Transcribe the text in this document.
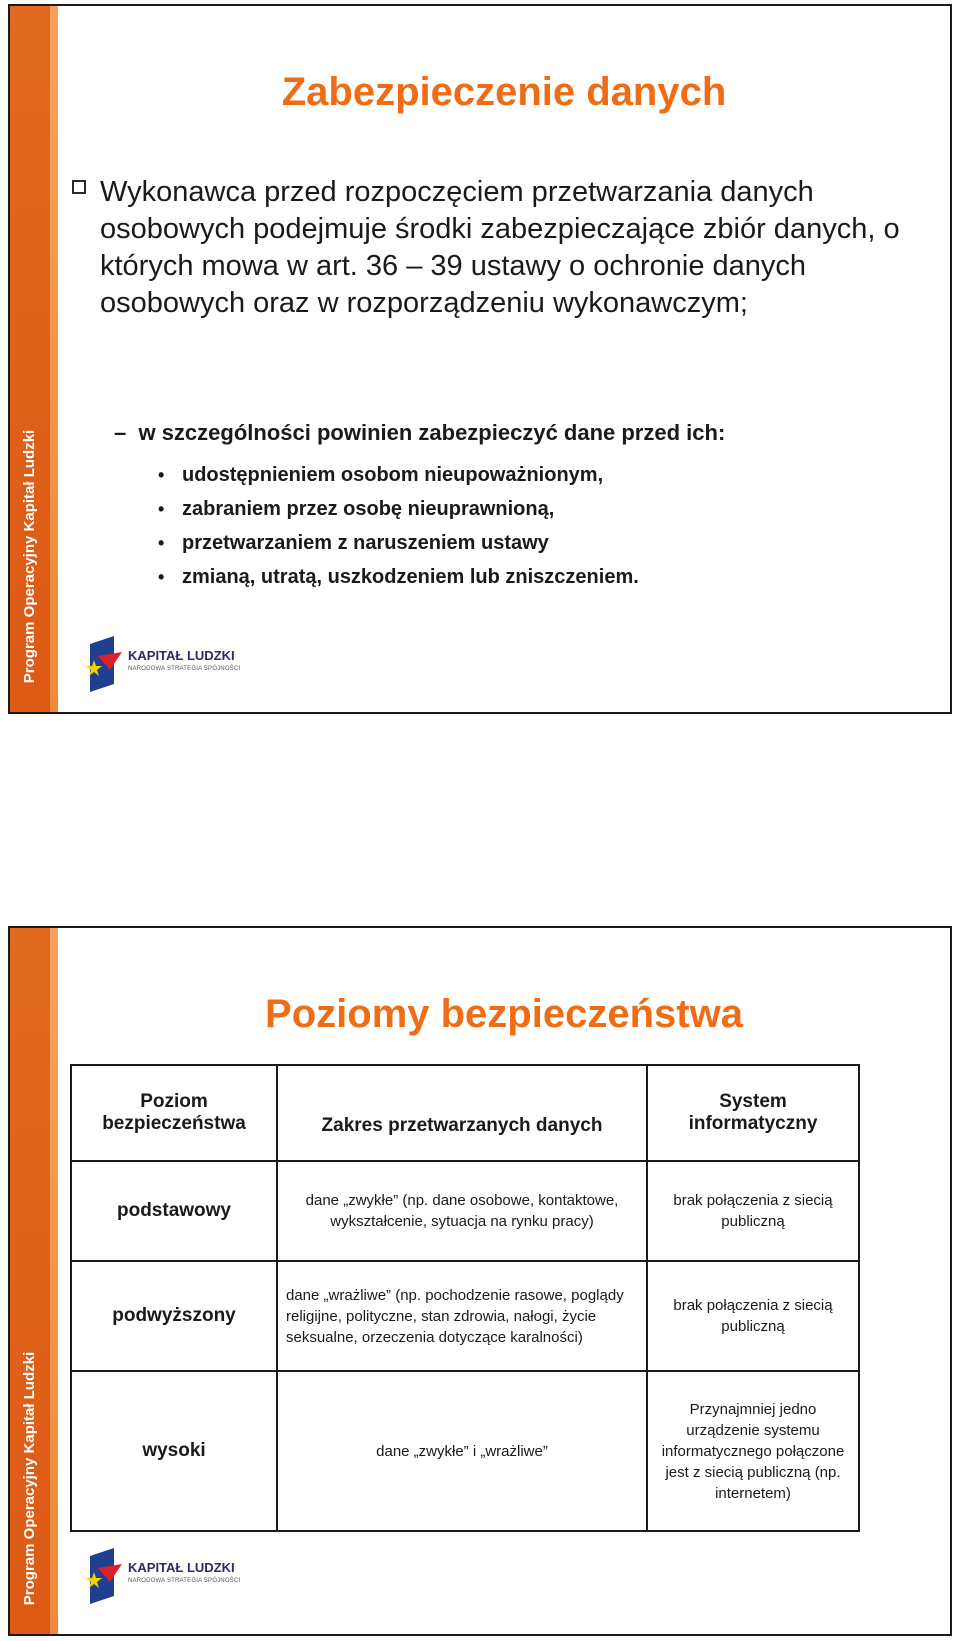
Program Operacyjny Kapitał Ludzki
Zabezpieczenie danych
Wykonawca przed rozpoczęciem przetwarzania danych osobowych podejmuje środki zabezpieczające zbiór danych, o których mowa w art. 36 – 39 ustawy o ochronie danych osobowych oraz w rozporządzeniu wykonawczym;
–  w szczególności powinien zabezpieczyć dane przed ich:
• udostępnieniem osobom nieupoważnionym,
• zabraniem przez osobę nieuprawnioną,
• przetwarzaniem z naruszeniem ustawy
• zmianą, utratą, uszkodzeniem lub zniszczeniem.
KAPITAŁ LUDZKI
NARODOWA STRATEGIA SPÓJNOŚCI
Program Operacyjny Kapitał Ludzki
Poziomy bezpieczeństwa
Poziom bezpieczeństwa	Zakres przetwarzanych danych	System informatyczny
podstawowy	dane „zwykłe” (np. dane osobowe, kontaktowe, wykształcenie, sytuacja na rynku pracy)	brak połączenia z siecią publiczną
podwyższony	dane „wrażliwe” (np. pochodzenie rasowe, poglądy religijne, polityczne, stan zdrowia, nałogi, życie seksualne, orzeczenia dotyczące karalności)	brak połączenia z siecią publiczną
wysoki	dane „zwykłe” i „wrażliwe”	Przynajmniej jedno urządzenie systemu informatycznego połączone jest z siecią publiczną (np. internetem)
KAPITAŁ LUDZKI
NARODOWA STRATEGIA SPÓJNOŚCI
